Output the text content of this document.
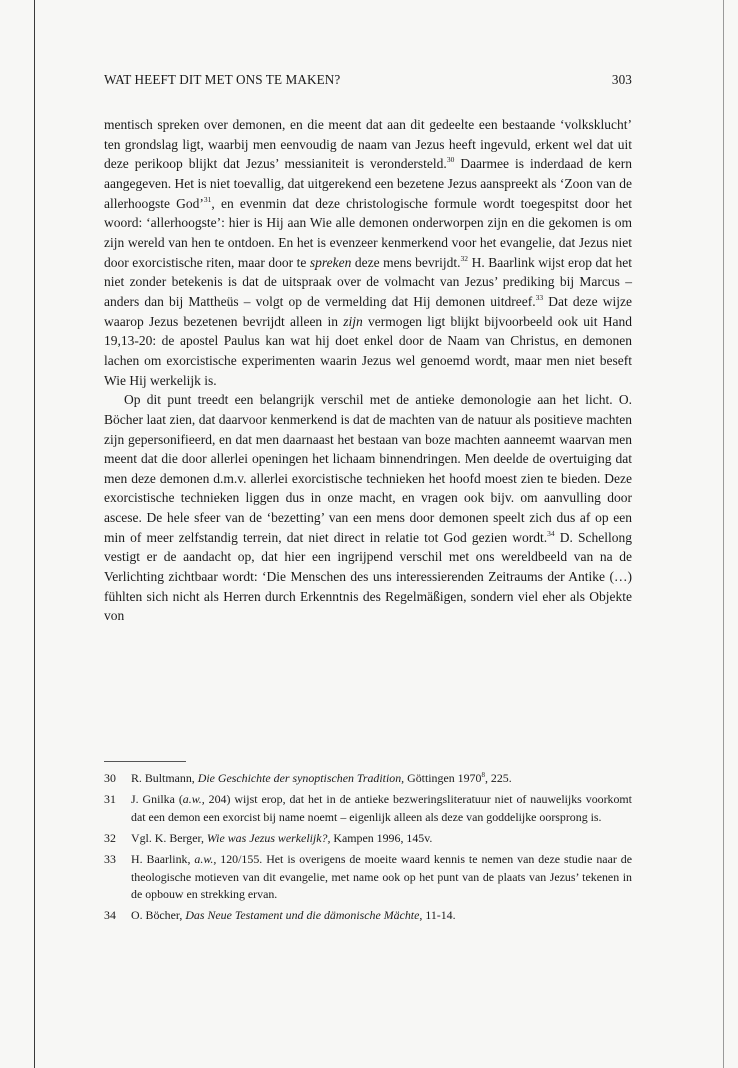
WAT HEEFT DIT MET ONS TE MAKEN?	303

mentisch spreken over demonen, en die meent dat aan dit gedeelte een bestaande ‘volksklucht’ ten grondslag ligt, waarbij men eenvoudig de naam van Jezus heeft ingevuld, erkent wel dat uit deze perikoop blijkt dat Jezus’ messianiteit is verondersteld.$^{30}$ Daarmee is inderdaad de kern aangegeven. Het is niet toevallig, dat uitgerekend een bezetene Jezus aanspreekt als ‘Zoon van de allerhoogste God’$^{31}$, en evenmin dat deze christologische formule wordt toegespitst door het woord: ‘allerhoogste’: hier is Hij aan Wie alle demonen onderworpen zijn en die gekomen is om zijn wereld van hen te ontdoen. En het is evenzeer kenmerkend voor het evangelie, dat Jezus niet door exorcistische riten, maar door te spreken deze mens bevrijdt.$^{32}$ H. Baarlink wijst erop dat het niet zonder betekenis is dat de uitspraak over de volmacht van Jezus’ prediking bij Marcus – anders dan bij Mattheüs – volgt op de vermelding dat Hij demonen uitdreef.$^{33}$ Dat deze wijze waarop Jezus bezetenen bevrijdt alleen in zijn vermogen ligt blijkt bijvoorbeeld ook uit Hand 19,13-20: de apostel Paulus kan wat hij doet enkel door de Naam van Christus, en demonen lachen om exorcistische experimenten waarin Jezus wel genoemd wordt, maar men niet beseft Wie Hij werkelijk is.

Op dit punt treedt een belangrijk verschil met de antieke demonologie aan het licht. O. Böcher laat zien, dat daarvoor kenmerkend is dat de machten van de natuur als positieve machten zijn gepersonifieerd, en dat men daarnaast het bestaan van boze machten aanneemt waarvan men meent dat die door allerlei openingen het lichaam binnendringen. Men deelde de overtuiging dat men deze demonen d.m.v. allerlei exorcistische technieken het hoofd moest zien te bieden. Deze exorcistische technieken liggen dus in onze macht, en vragen ook bijv. om aanvulling door ascese. De hele sfeer van de ‘bezetting’ van een mens door demonen speelt zich dus af op een min of meer zelfstandig terrein, dat niet direct in relatie tot God gezien wordt.$^{34}$ D. Schellong vestigt er de aandacht op, dat hier een ingrijpend verschil met ons wereldbeeld van na de Verlichting zichtbaar wordt: ‘Die Menschen des uns interessierenden Zeitraums der Antike (…) fühlten sich nicht als Herren durch Erkenntnis des Regelmäßigen, sondern viel eher als Objekte von

30 R. Bultmann, Die Geschichte der synoptischen Tradition, Göttingen 1970$^8$, 225.
31 J. Gnilka (a.w., 204) wijst erop, dat het in de antieke bezweringsliteratuur niet of nauwelijks voorkomt dat een demon een exorcist bij name noemt – eigenlijk alleen als deze van goddelijke oorsprong is.
32 Vgl. K. Berger, Wie was Jezus werkelijk?, Kampen 1996, 145v.
33 H. Baarlink, a.w., 120/155. Het is overigens de moeite waard kennis te nemen van deze studie naar de theologische motieven van dit evangelie, met name ook op het punt van de plaats van Jezus’ tekenen in de opbouw en strekking ervan.
34 O. Böcher, Das Neue Testament und die dämonische Mächte, 11-14.
